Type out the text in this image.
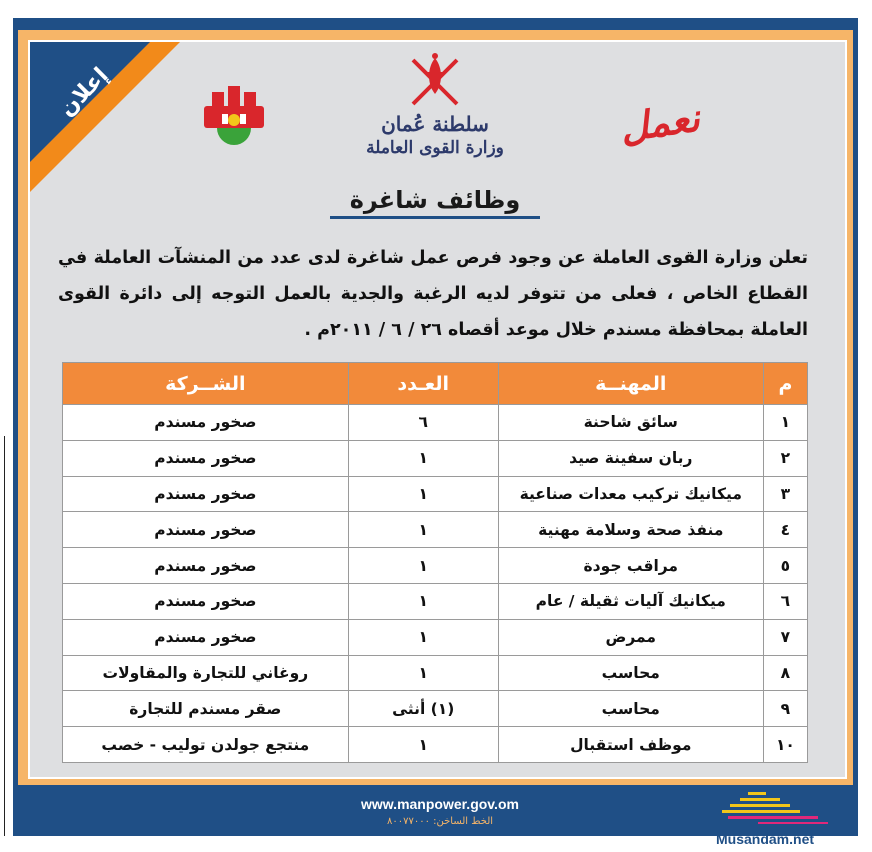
إعلان
سلطنة عُمان
وزارة القوى العاملة	نعمل
وظائف شاغرة
تعلن وزارة القوى العاملة عن وجود فرص عمل شاغرة لدى عدد من المنشآت العاملة في القطاع الخاص ، فعلى من تتوفر لديه الرغبة والجدية بالعمل التوجه إلى دائرة القوى العاملة بمحافظة مسندم خلال موعد أقصاه ٢٦ / ٦ / ٢٠١١م .
م	المهنــة	العـدد	الشــركة
١	سائق شاحنة	٦	صخور مسندم
٢	ربان سفينة صيد	١	صخور مسندم
٣	ميكانيك تركيب معدات صناعية	١	صخور مسندم
٤	منفذ صحة وسلامة مهنية	١	صخور مسندم
٥	مراقب جودة	١	صخور مسندم
٦	ميكانيك آليات ثقيلة / عام	١	صخور مسندم
٧	ممرض	١	صخور مسندم
٨	محاسب	١	روغاني للتجارة والمقاولات
٩	محاسب	(١) أنثى	صقر مسندم للتجارة
١٠	موظف استقبال	١	منتجع جولدن توليب - خصب
www.manpower.gov.om
الخط الساخن: ٨٠٠٧٧٠٠٠
Musandam.net
